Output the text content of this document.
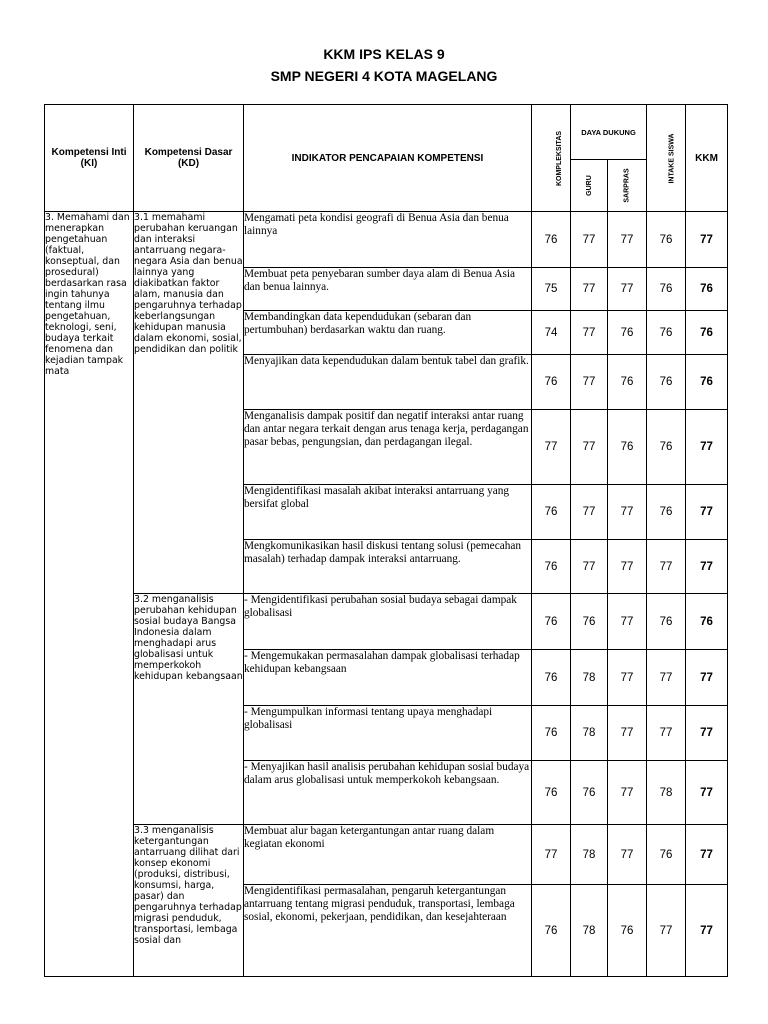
KKM IPS KELAS 9
SMP NEGERI 4 KOTA MAGELANG
Kompetensi Inti (KI)	Kompetensi Dasar (KD)	INDIKATOR PENCAPAIAN KOMPETENSI	KOMPLEKSITAS	DAYA DUKUNG		INTAKE SISWA	KKM
				GURU	SARPRAS		
3. Memahami dan menerapkan pengetahuan (faktual, konseptual, dan prosedural) berdasarkan rasa ingin tahunya tentang ilmu pengetahuan, teknologi, seni, budaya terkait fenomena dan kejadian tampak mata	3.1 memahami perubahan keruangan dan interaksi antarruang negara-negara Asia dan benua lainnya yang diakibatkan faktor alam, manusia dan pengaruhnya terhadap keberlangsungan kehidupan manusia dalam ekonomi, sosial, pendidikan dan politik	Mengamati peta kondisi geografi di Benua Asia dan benua lainnya	76	77	77	76	77
		Membuat peta penyebaran sumber daya alam di Benua Asia dan benua lainnya.	75	77	77	76	76
		Membandingkan data kependudukan (sebaran dan pertumbuhan) berdasarkan waktu dan ruang.	74	77	76	76	76
		Menyajikan data kependudukan dalam bentuk tabel dan grafik.	76	77	76	76	76
		Menganalisis dampak positif dan negatif interaksi antar ruang dan antar negara terkait dengan arus tenaga kerja, perdagangan pasar bebas, pengungsian, dan perdagangan ilegal.	77	77	76	76	77
		Mengidentifikasi masalah akibat interaksi antarruang yang bersifat global	76	77	77	76	77
		Mengkomunikasikan hasil diskusi tentang solusi (pemecahan masalah) terhadap dampak interaksi antarruang.	76	77	77	77	77
	3.2 menganalisis perubahan kehidupan sosial budaya Bangsa Indonesia dalam menghadapi arus globalisasi untuk memperkokoh kehidupan kebangsaan	- Mengidentifikasi perubahan sosial budaya sebagai dampak globalisasi	76	76	77	76	76
		- Mengemukakan permasalahan dampak globalisasi terhadap kehidupan kebangsaan	76	78	77	77	77
		- Mengumpulkan informasi tentang upaya menghadapi globalisasi	76	78	77	77	77
		- Menyajikan hasil analisis perubahan kehidupan sosial budaya dalam arus globalisasi untuk memperkokoh kebangsaan.	76	76	77	78	77
	3.3 menganalisis ketergantungan antarruang dilihat dari konsep ekonomi (produksi, distribusi, konsumsi, harga, pasar) dan pengaruhnya terhadap migrasi penduduk, transportasi, lembaga sosial dan	Membuat alur bagan ketergantungan antar ruang dalam kegiatan ekonomi	77	78	77	76	77
		Mengidentifikasi permasalahan, pengaruh ketergantungan antarruang tentang migrasi penduduk, transportasi, lembaga sosial, ekonomi, pekerjaan, pendidikan, dan kesejahteraan	76	78	76	77	77
